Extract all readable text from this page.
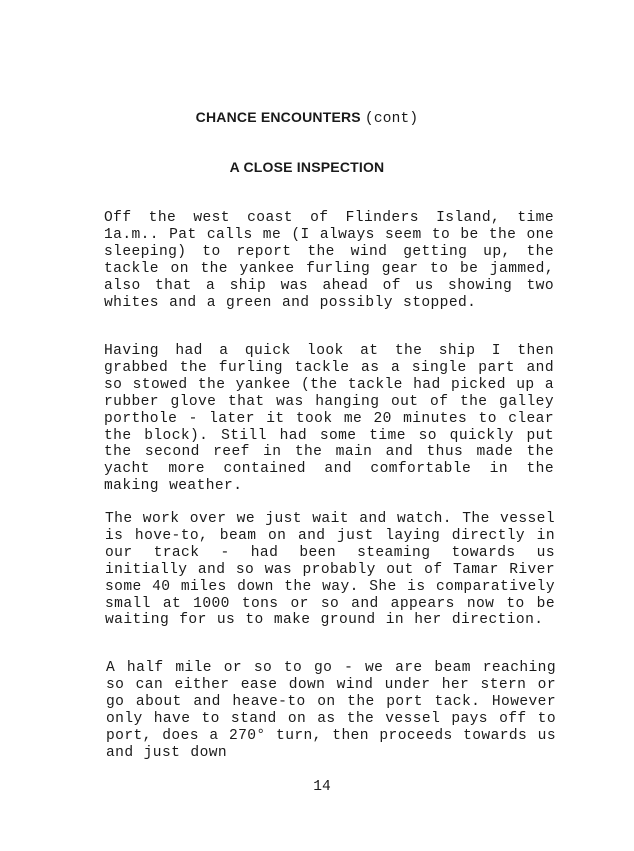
CHANCE ENCOUNTERS (cont)
A CLOSE INSPECTION
Off the west coast of Flinders Island, time 1a.m.. Pat calls me (I always seem to be the one sleeping) to report the wind getting up, the tackle on the yankee furling gear to be jammed, also that a ship was ahead of us showing two whites and a green and possibly stopped.
Having had a quick look at the ship I then grabbed the furling tackle as a single part and so stowed the yankee (the tackle had picked up a rubber glove that was hanging out of the galley porthole - later it took me 20 minutes to clear the block). Still had some time so quickly put the second reef in the main and thus made the yacht more contained and comfortable in the making weather.
The work over we just wait and watch. The vessel is hove-to, beam on and just laying directly in our track - had been steaming towards us initially and so was probably out of Tamar River some 40 miles down the way. She is comparatively small at 1000 tons or so and appears now to be waiting for us to make ground in her direction.
A half mile or so to go - we are beam reaching so can either ease down wind under her stern or go about and heave-to on the port tack. However only have to stand on as the vessel pays off to port, does a 270° turn, then proceeds towards us and just down
14
